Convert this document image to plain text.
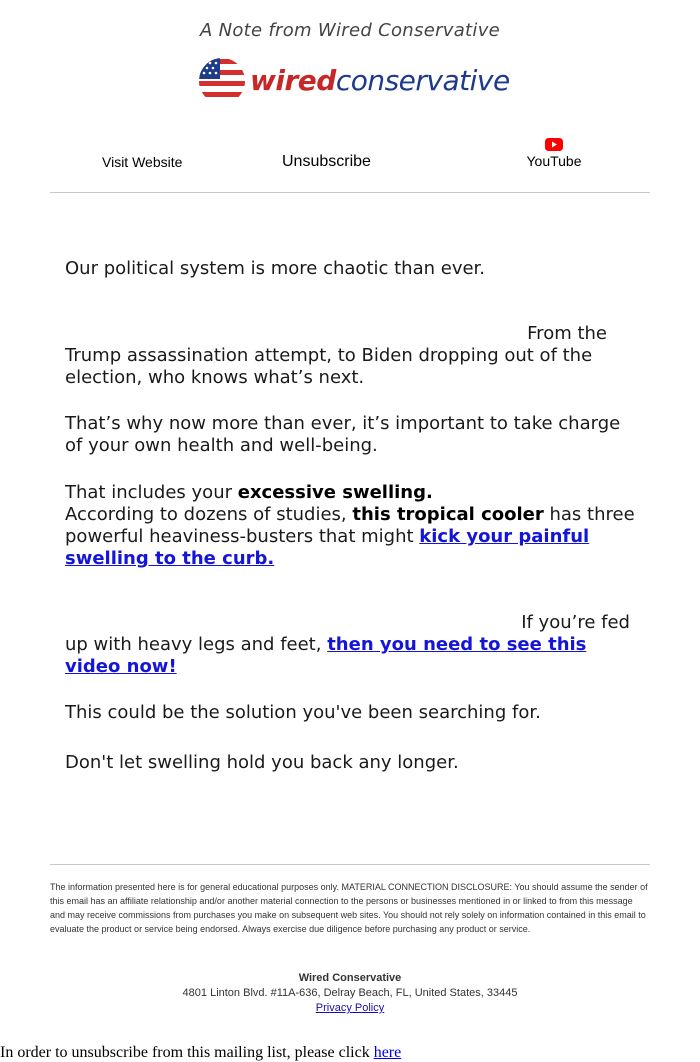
A Note from Wired Conservative
wiredconservative
Visit Website	Unsubscribe	YouTube

Our political system is more chaotic than ever.

From the
Trump assassination attempt, to Biden dropping out of the election, who knows what’s next.

That’s why now more than ever, it’s important to take charge of your own health and well-being.

That includes your excessive swelling.
According to dozens of studies, this tropical cooler has three powerful heaviness-busters that might kick your painful swelling to the curb.

If you’re fed
up with heavy legs and feet, then you need to see this video now!

This could be the solution you've been searching for.

Don't let swelling hold you back any longer.

The information presented here is for general educational purposes only. MATERIAL CONNECTION DISCLOSURE: You should assume the sender of this email has an affiliate relationship and/or another material connection to the persons or businesses mentioned in or linked to from this message and may receive commissions from purchases you make on subsequent web sites. You should not rely solely on information contained in this email to evaluate the product or service being endorsed. Always exercise due diligence before purchasing any product or service.
Wired Conservative
4801 Linton Blvd. #11A-636, Delray Beach, FL, United States, 33445
Privacy Policy
In order to unsubscribe from this mailing list, please click here
